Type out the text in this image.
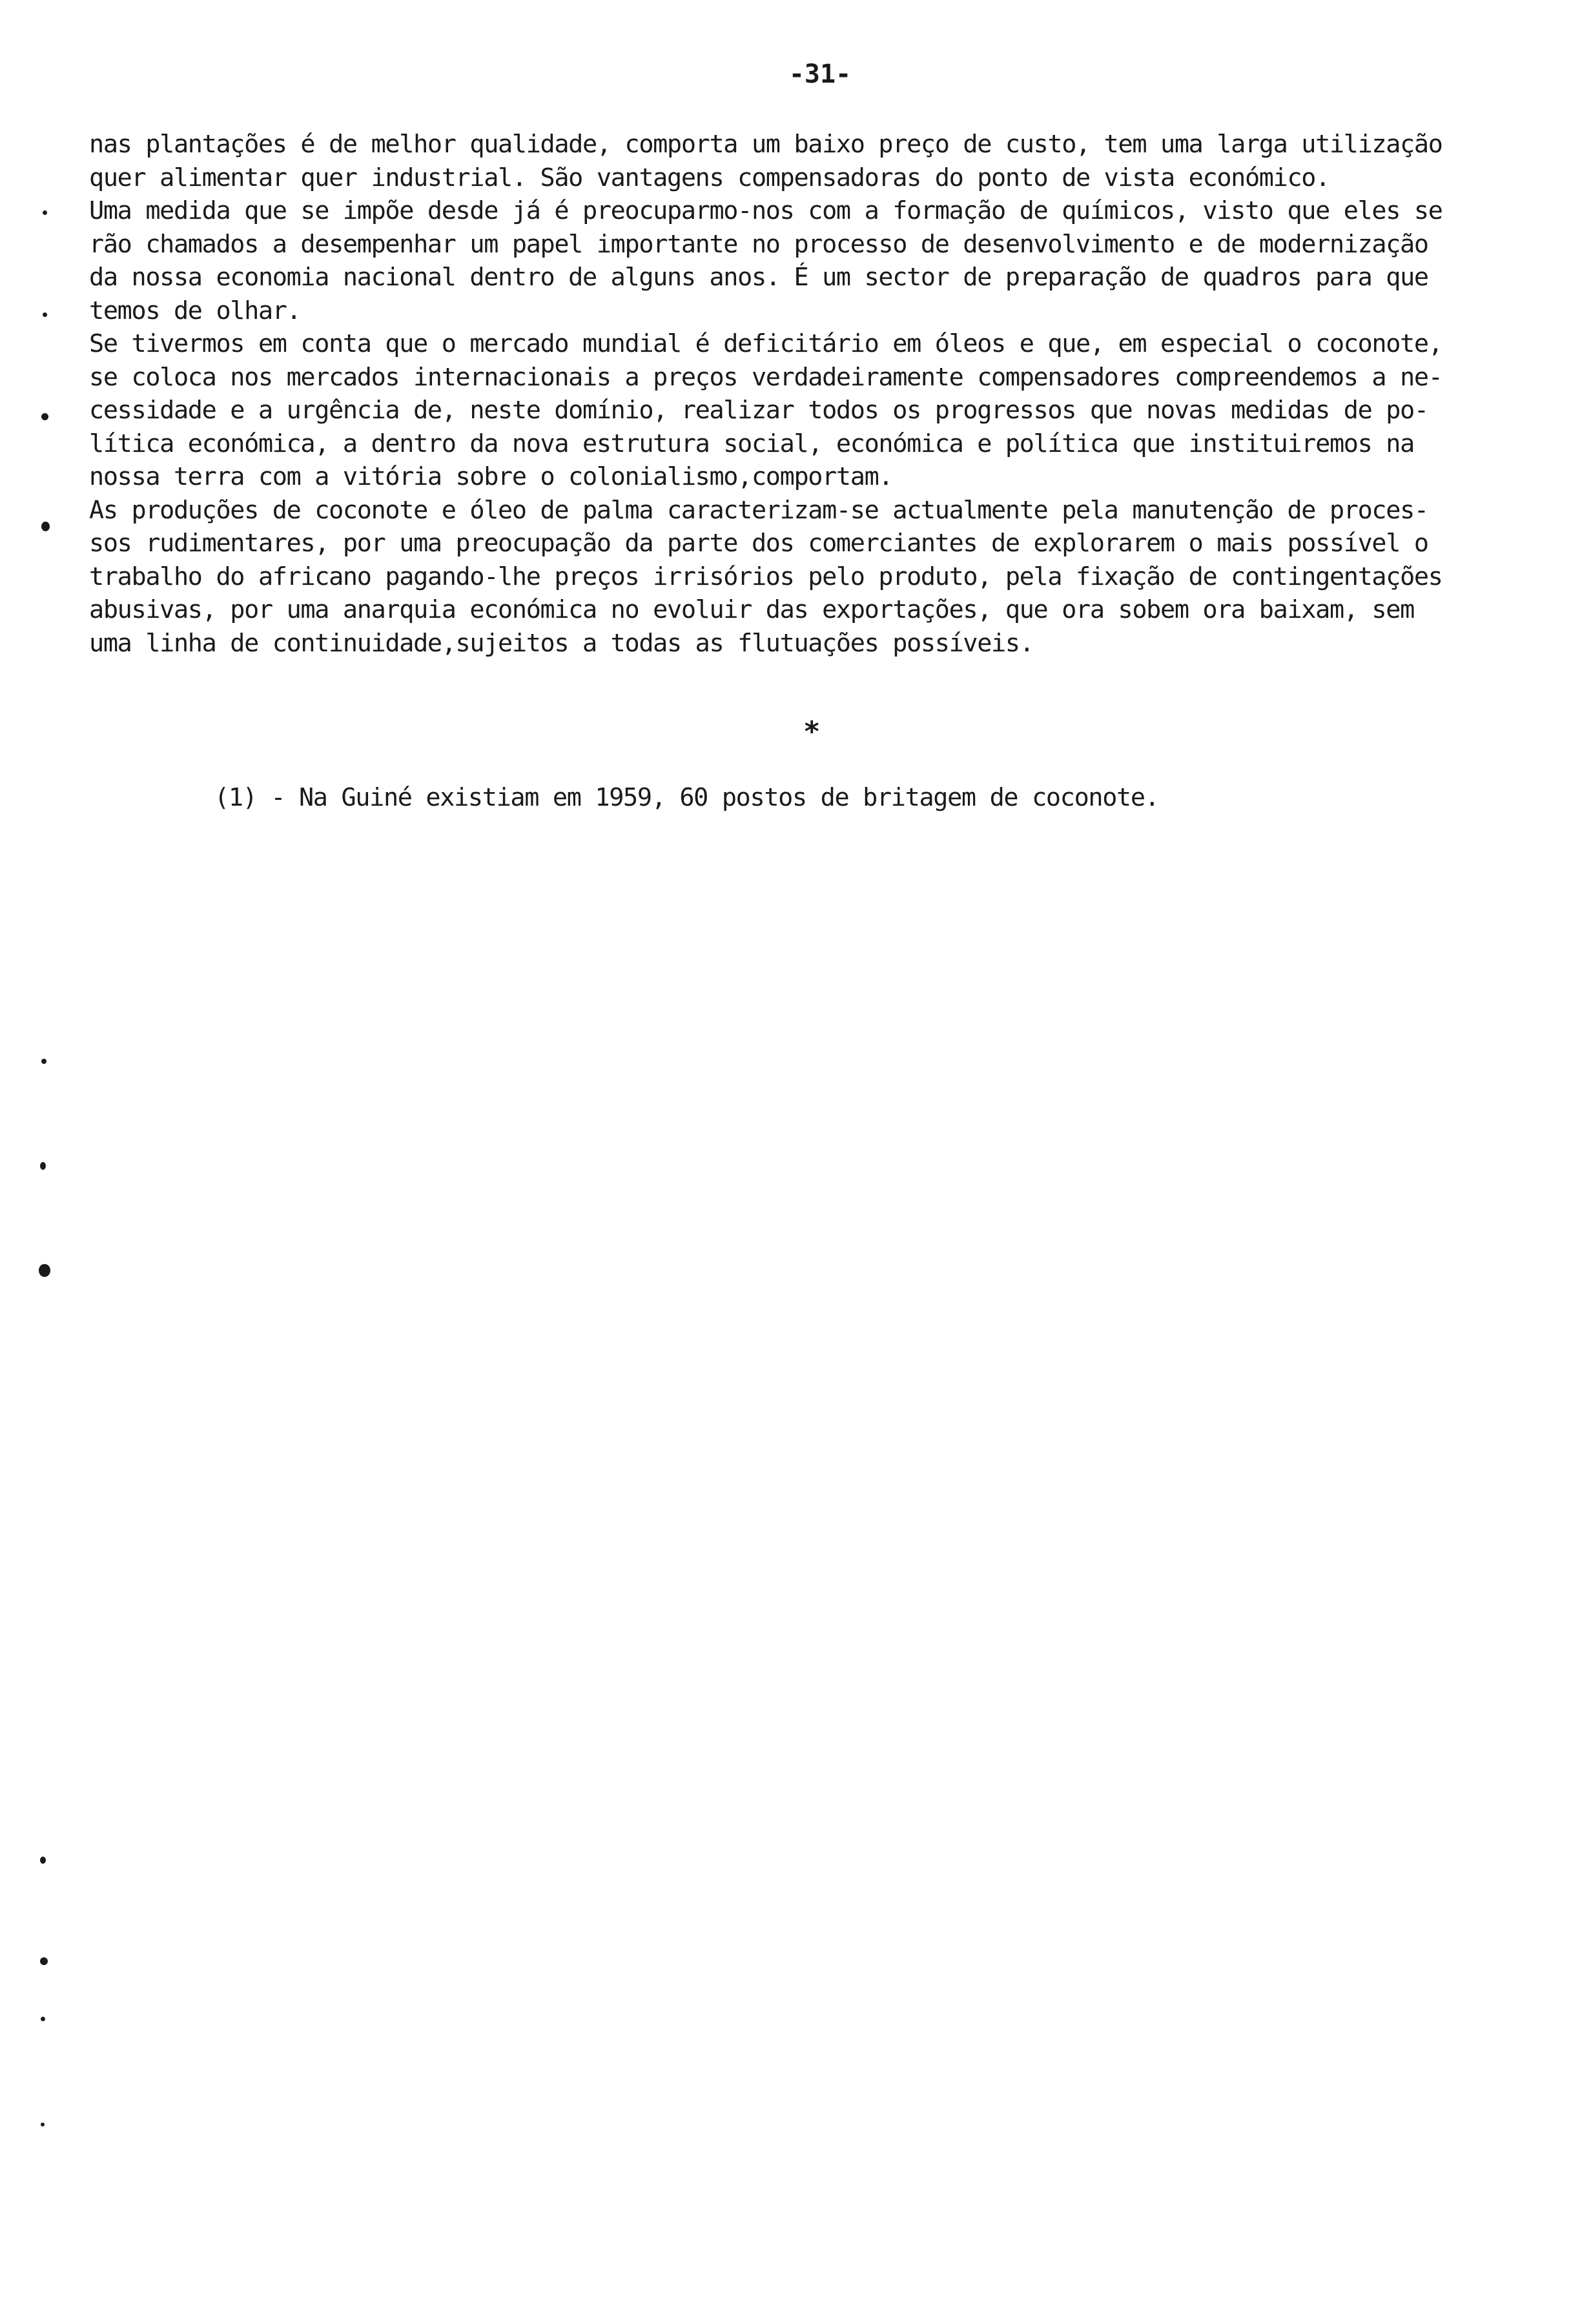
-31-
nas plantações é de melhor qualidade, comporta um baixo preço de custo, tem uma larga utilização
quer alimentar quer industrial. São vantagens compensadoras do ponto de vista económico.
Uma medida que se impõe desde já é preocuparmo-nos com a formação de químicos, visto que eles se
rão chamados a desempenhar um papel importante no processo de desenvolvimento e de modernização
da nossa economia nacional dentro de alguns anos. É um sector de preparação de quadros para que
temos de olhar.
Se tivermos em conta que o mercado mundial é deficitário em óleos e que, em especial o coconote,
se coloca nos mercados internacionais a preços verdadeiramente compensadores compreendemos a ne-
cessidade e a urgência de, neste domínio, realizar todos os progressos que novas medidas de po-
lítica económica, a dentro da nova estrutura social, económica e política que instituiremos na
nossa terra com a vitória sobre o colonialismo,comportam.
As produções de coconote e óleo de palma caracterizam-se actualmente pela manutenção de proces-
sos rudimentares, por uma preocupação da parte dos comerciantes de explorarem o mais possível o
trabalho do africano pagando-lhe preços irrisórios pelo produto, pela fixação de contingentações
abusivas, por uma anarquia económica no evoluir das exportações, que ora sobem ora baixam, sem
uma linha de continuidade,sujeitos a todas as flutuações possíveis.
*
(1) - Na Guiné existiam em 1959, 60 postos de britagem de coconote.
